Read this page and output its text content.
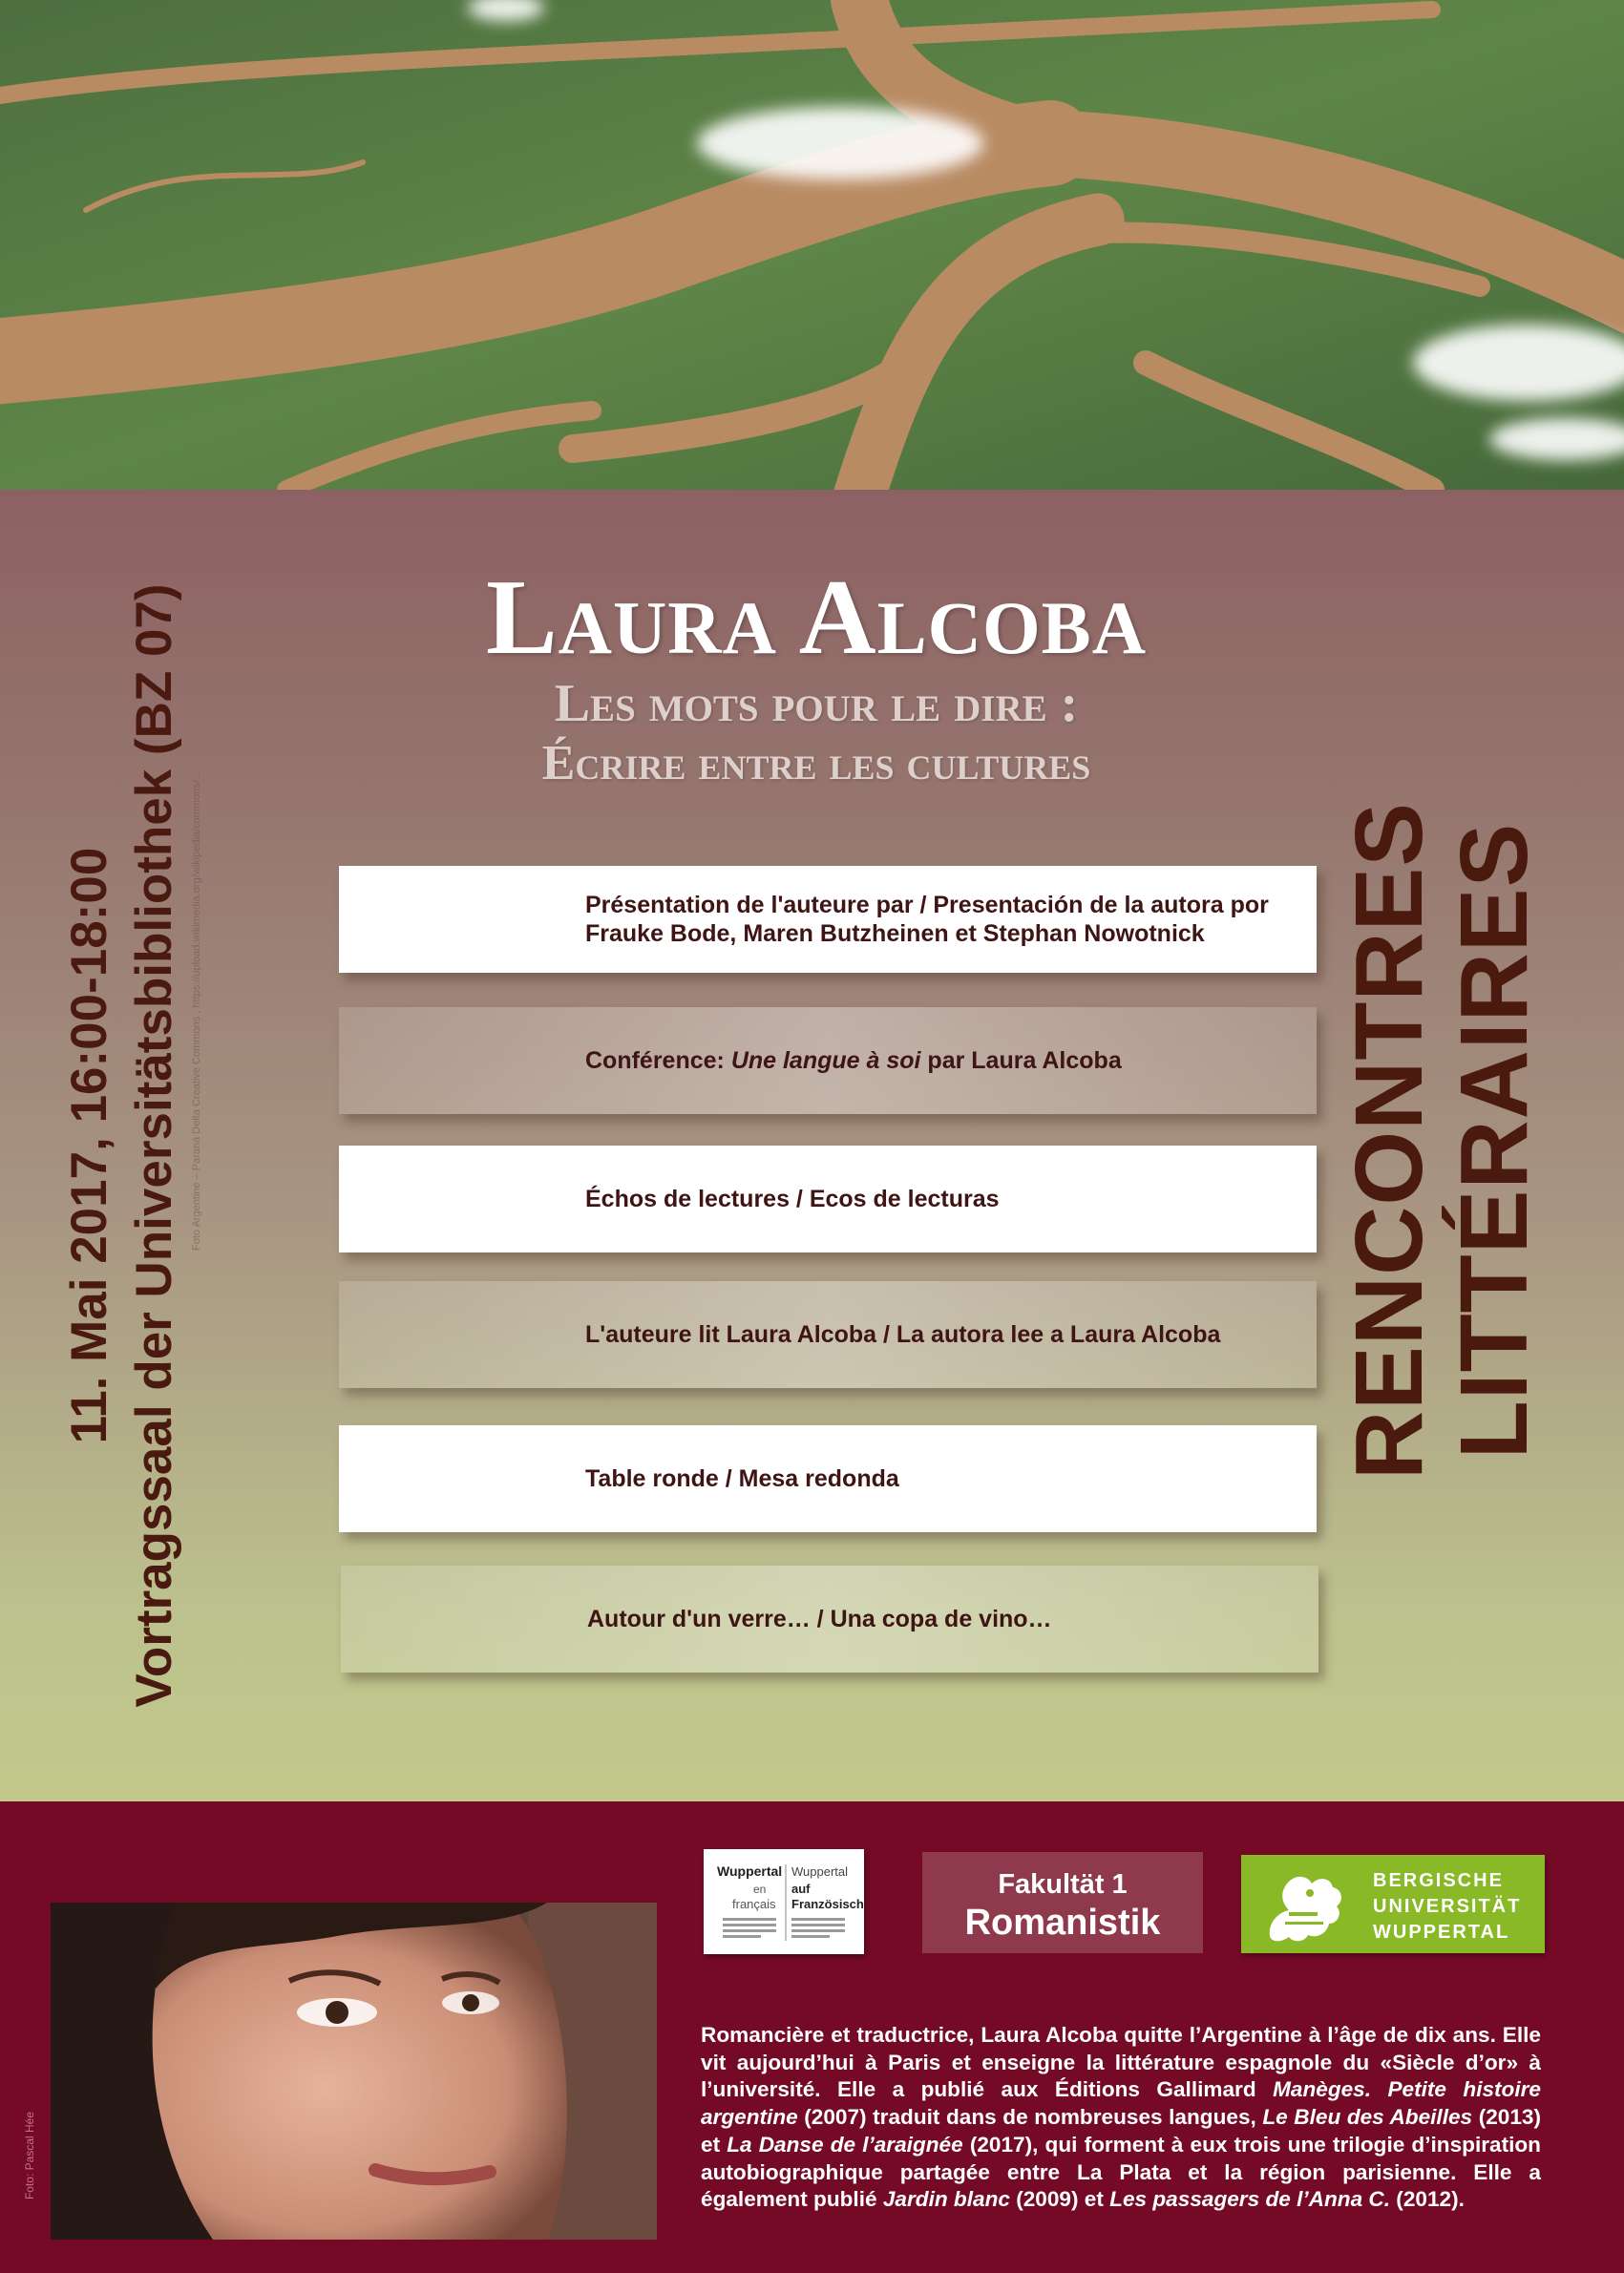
Laura Alcoba
Les mots pour le dire :
Écrire entre les cultures
Présentation de l'auteure par / Presentación de la autora por
Frauke Bode, Maren Butzheinen et Stephan Nowotnick
Conférence: Une langue à soi par Laura Alcoba
Échos de lectures / Ecos de lecturas
L'auteure lit Laura Alcoba / La autora lee a Laura Alcoba
Table ronde / Mesa redonda
Autour d'un verre… / Una copa de vino…
11. Mai 2017, 16:00-18:00 Vortragssaal der Universitätsbibliothek (BZ 07) Foto Argentine – Paraná Delta Creative Commons , https://upload.wikimedia.org/wikipedia/commons/...	RENCONTRES LITTÉRAIRES
Foto: Pascal Hée
Wuppertal
en
français
Wuppertal
auf
Französisch
Fakultät 1
Romanistik
BERGISCHE
UNIVERSITÄT
WUPPERTAL
Romancière et traductrice, Laura Alcoba quitte l’Argentine à l’âge de dix ans. Elle vit aujourd’hui à Paris et enseigne la littérature espagnole du «Siècle d’or» à l’université. Elle a publié aux Éditions Gallimard Manèges. Petite histoire argentine (2007) traduit dans de nombreuses langues, Le Bleu des Abeilles (2013) et La Danse de l’araignée (2017), qui forment à eux trois une trilogie d’inspiration autobiographique partagée entre La Plata et la région parisienne. Elle a également publié Jardin blanc (2009) et Les passagers de l’Anna C. (2012).
